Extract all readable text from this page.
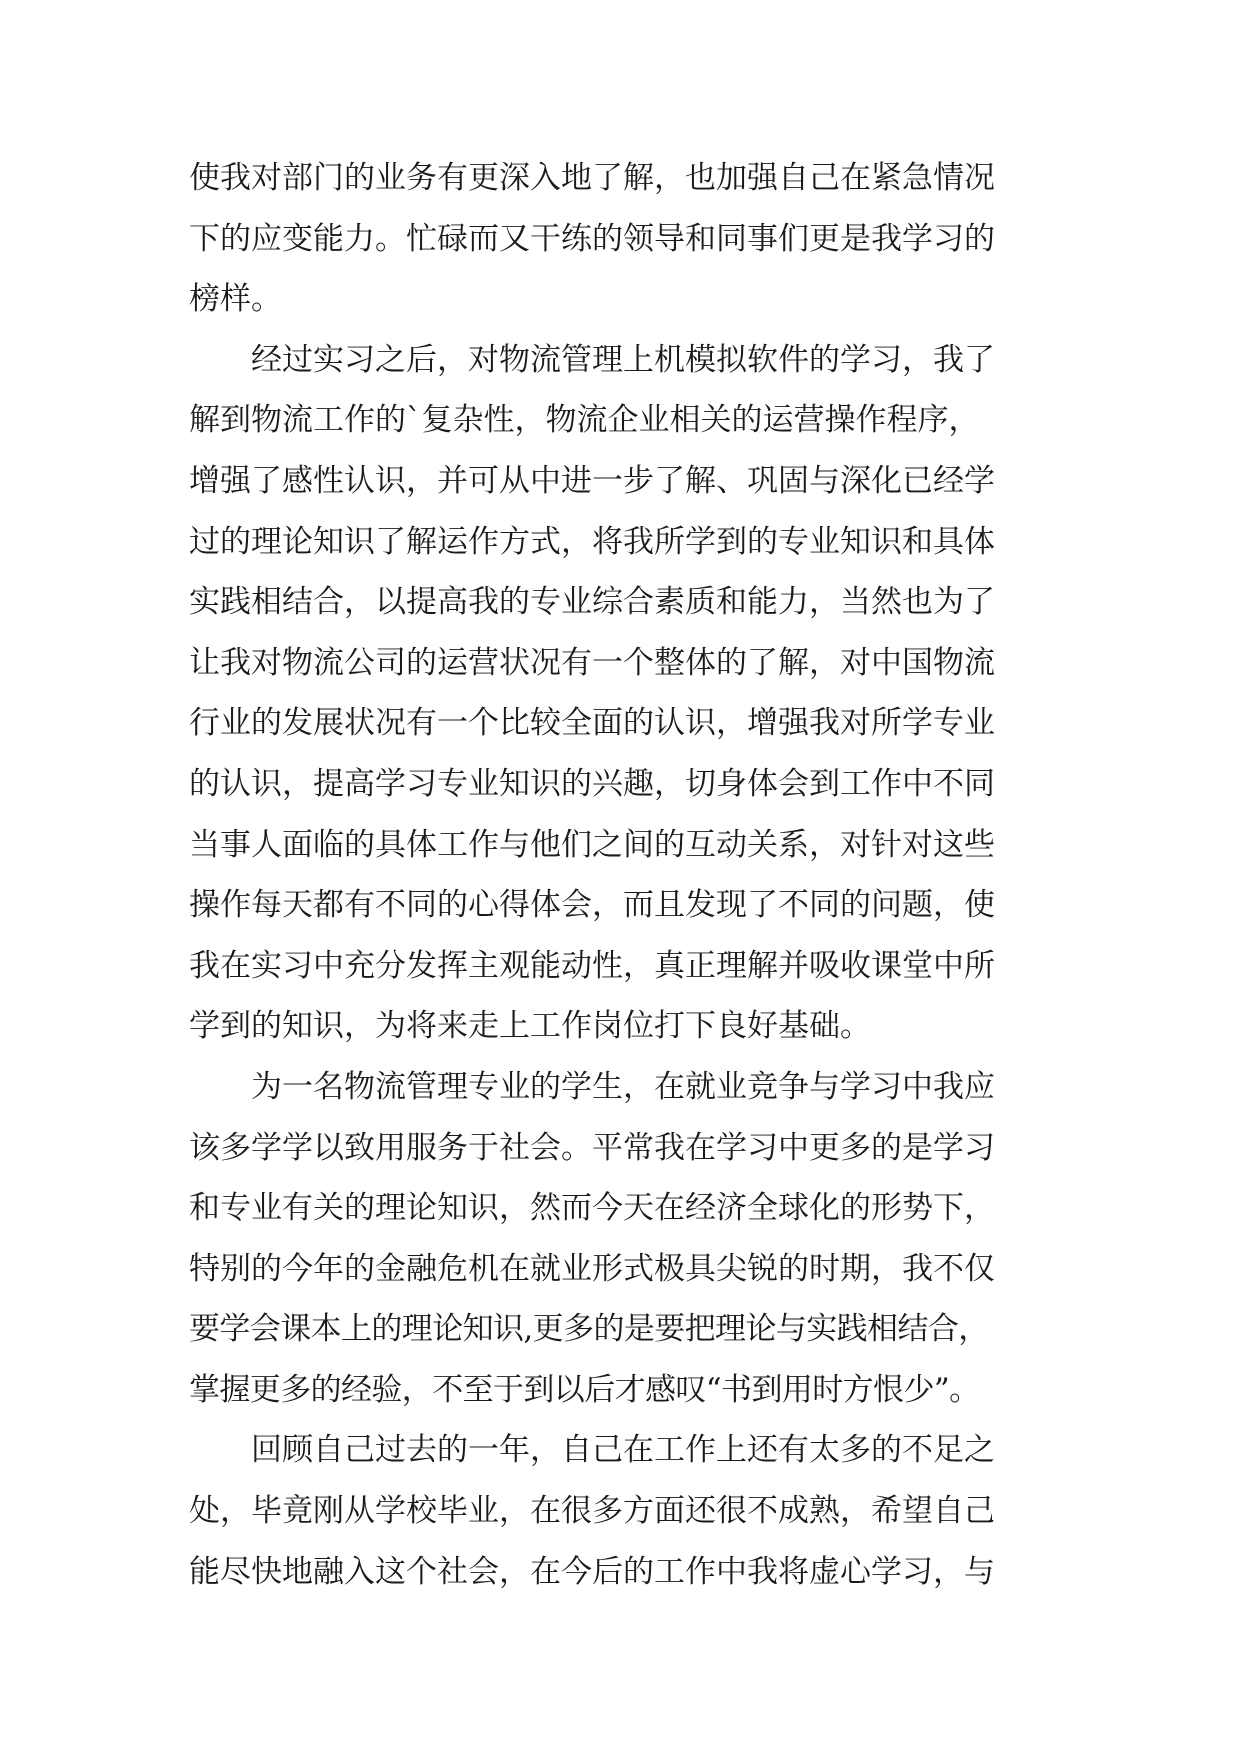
使我对部门的业务有更深入地了解，也加强自己在紧急情况
下的应变能力。忙碌而又干练的领导和同事们更是我学习的
榜样。
经过实习之后，对物流管理上机模拟软件的学习，我了
解到物流工作的`复杂性，物流企业相关的运营操作程序，
增强了感性认识，并可从中进一步了解、巩固与深化已经学
过的理论知识了解运作方式，将我所学到的专业知识和具体
实践相结合，以提高我的专业综合素质和能力，当然也为了
让我对物流公司的运营状况有一个整体的了解，对中国物流
行业的发展状况有一个比较全面的认识，增强我对所学专业
的认识，提高学习专业知识的兴趣，切身体会到工作中不同
当事人面临的具体工作与他们之间的互动关系，对针对这些
操作每天都有不同的心得体会，而且发现了不同的问题，使
我在实习中充分发挥主观能动性，真正理解并吸收课堂中所
学到的知识，为将来走上工作岗位打下良好基础。
为一名物流管理专业的学生，在就业竞争与学习中我应
该多学学以致用服务于社会。平常我在学习中更多的是学习
和专业有关的理论知识，然而今天在经济全球化的形势下，
特别的今年的金融危机在就业形式极具尖锐的时期，我不仅
要学会课本上的理论知识,更多的是要把理论与实践相结合，
掌握更多的经验，不至于到以后才感叹“书到用时方恨少”。
回顾自己过去的一年，自己在工作上还有太多的不足之
处，毕竟刚从学校毕业，在很多方面还很不成熟，希望自己
能尽快地融入这个社会，在今后的工作中我将虚心学习，与
